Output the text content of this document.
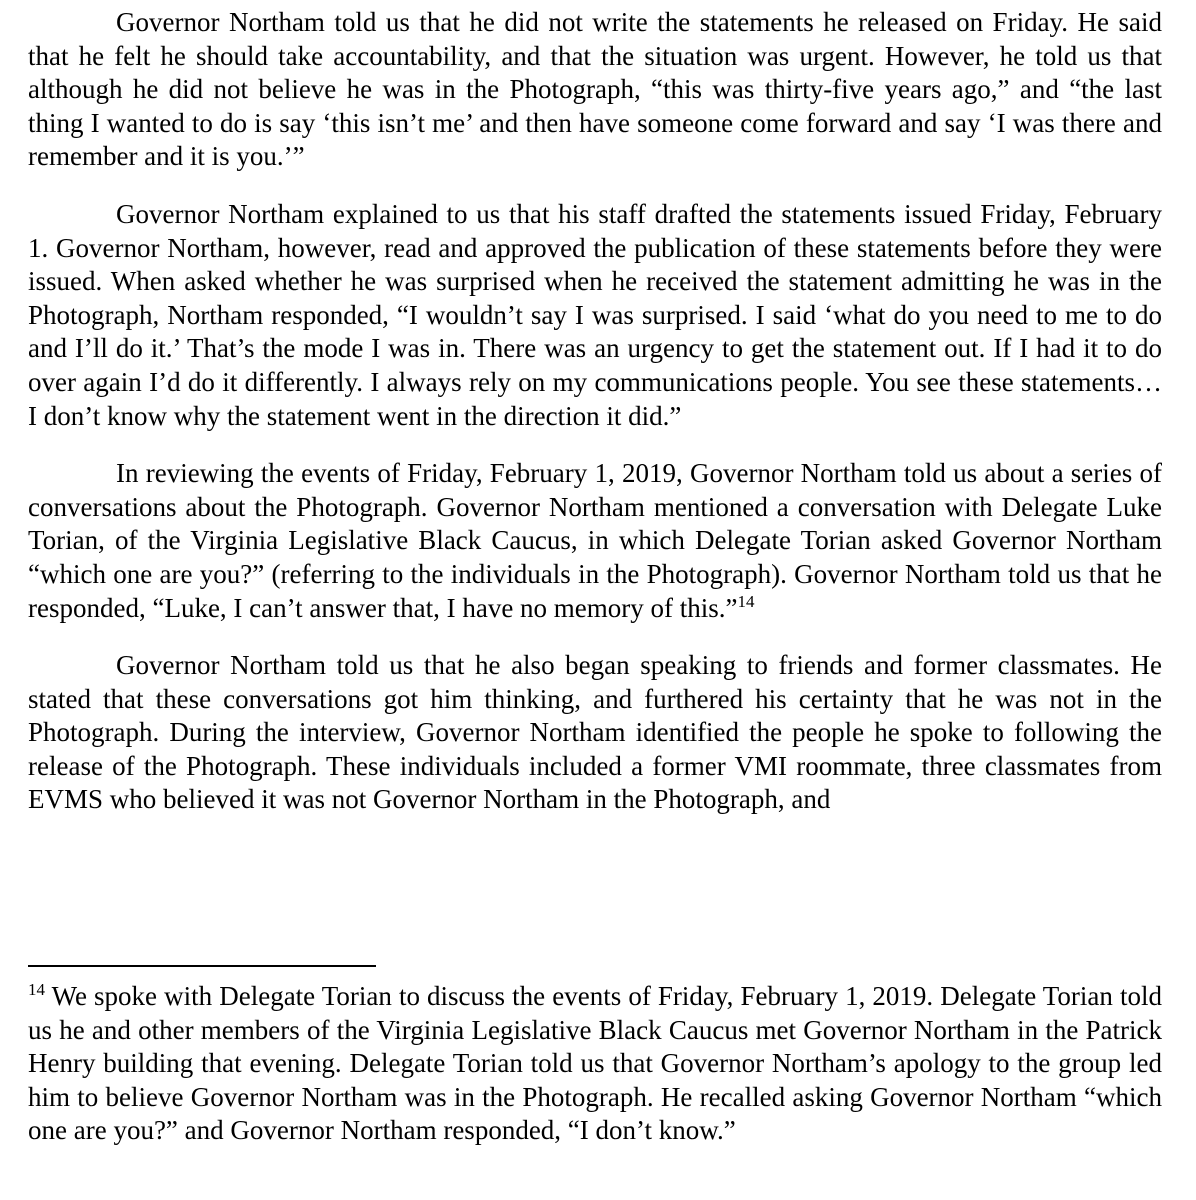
Governor Northam told us that he did not write the statements he released on Friday. He said that he felt he should take accountability, and that the situation was urgent. However, he told us that although he did not believe he was in the Photograph, “this was thirty-five years ago,” and “the last thing I wanted to do is say ‘this isn’t me’ and then have someone come forward and say ‘I was there and remember and it is you.’”

Governor Northam explained to us that his staff drafted the statements issued Friday, February 1. Governor Northam, however, read and approved the publication of these statements before they were issued. When asked whether he was surprised when he received the statement admitting he was in the Photograph, Northam responded, “I wouldn’t say I was surprised. I said ‘what do you need to me to do and I’ll do it.’ That’s the mode I was in. There was an urgency to get the statement out. If I had it to do over again I’d do it differently. I always rely on my communications people. You see these statements… I don’t know why the statement went in the direction it did.”

In reviewing the events of Friday, February 1, 2019, Governor Northam told us about a series of conversations about the Photograph. Governor Northam mentioned a conversation with Delegate Luke Torian, of the Virginia Legislative Black Caucus, in which Delegate Torian asked Governor Northam “which one are you?” (referring to the individuals in the Photograph). Governor Northam told us that he responded, “Luke, I can’t answer that, I have no memory of this.”$^{14}$

Governor Northam told us that he also began speaking to friends and former classmates. He stated that these conversations got him thinking, and furthered his certainty that he was not in the Photograph. During the interview, Governor Northam identified the people he spoke to following the release of the Photograph. These individuals included a former VMI roommate, three classmates from EVMS who believed it was not Governor Northam in the Photograph, and

$^{14}$ We spoke with Delegate Torian to discuss the events of Friday, February 1, 2019. Delegate Torian told us he and other members of the Virginia Legislative Black Caucus met Governor Northam in the Patrick Henry building that evening. Delegate Torian told us that Governor Northam’s apology to the group led him to believe Governor Northam was in the Photograph. He recalled asking Governor Northam “which one are you?” and Governor Northam responded, “I don’t know.”
